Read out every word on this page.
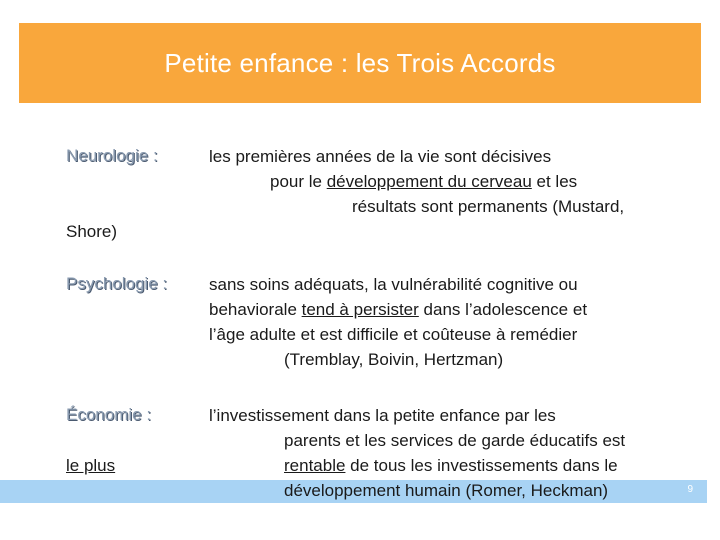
Petite enfance : les Trois Accords
Neurologie :	les premières années de la vie sont décisives
pour le développement du cerveau et les
résultats sont permanents (Mustard,
Shore)
Psychologie : sans soins adéquats, la vulnérabilité cognitive ou
behaviorale tend à persister dans l’adolescence et
l’âge adulte et est difficile et coûteuse à remédier
(Tremblay, Boivin, Hertzman)
Économie :	l’investissement dans la petite enfance par les
parents et les services de garde éducatifs est
le plus	rentable de tous les investissements dans le
développement humain (Romer, Heckman)	9
